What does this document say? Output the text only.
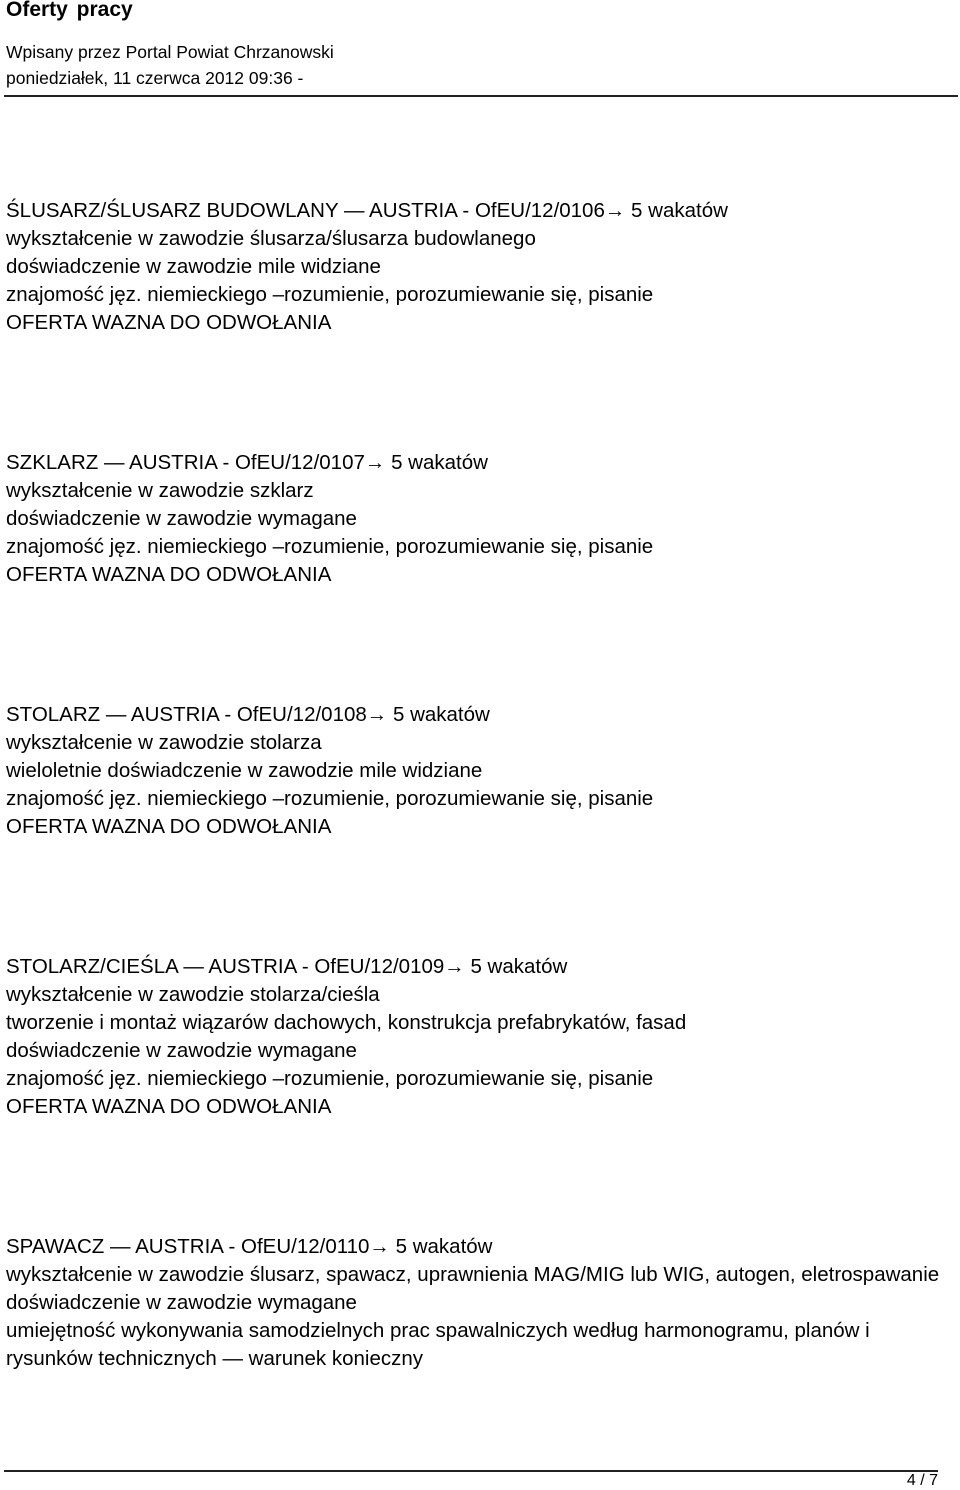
Oferty pracy
Wpisany przez Portal Powiat Chrzanowski
poniedziałek, 11 czerwca 2012 09:36 -
ŚLUSARZ/ŚLUSARZ BUDOWLANY — AUSTRIA - OfEU/12/0106→ 5 wakatów
wykształcenie w zawodzie ślusarza/ślusarza budowlanego
doświadczenie w zawodzie mile widziane
znajomość jęz. niemieckiego –rozumienie, porozumiewanie się, pisanie
OFERTA WAZNA DO ODWOŁANIA
SZKLARZ — AUSTRIA - OfEU/12/0107→ 5 wakatów
wykształcenie w zawodzie szklarz
doświadczenie w zawodzie wymagane
znajomość jęz. niemieckiego –rozumienie, porozumiewanie się, pisanie
OFERTA WAZNA DO ODWOŁANIA
STOLARZ — AUSTRIA - OfEU/12/0108→ 5 wakatów
wykształcenie w zawodzie stolarza
wieloletnie doświadczenie w zawodzie mile widziane
znajomość jęz. niemieckiego –rozumienie, porozumiewanie się, pisanie
OFERTA WAZNA DO ODWOŁANIA
STOLARZ/CIEŚLA — AUSTRIA - OfEU/12/0109→ 5 wakatów
wykształcenie w zawodzie stolarza/cieśla
tworzenie i montaż wiązarów dachowych, konstrukcja prefabrykatów, fasad
doświadczenie w zawodzie wymagane
znajomość jęz. niemieckiego –rozumienie, porozumiewanie się, pisanie
OFERTA WAZNA DO ODWOŁANIA
SPAWACZ — AUSTRIA - OfEU/12/0110→ 5 wakatów
wykształcenie w zawodzie ślusarz, spawacz, uprawnienia MAG/MIG lub WIG, autogen, eletrospawanie
doświadczenie w zawodzie wymagane
umiejętność wykonywania samodzielnych prac spawalniczych według harmonogramu, planów i rysunków technicznych — warunek konieczny
4 / 7
